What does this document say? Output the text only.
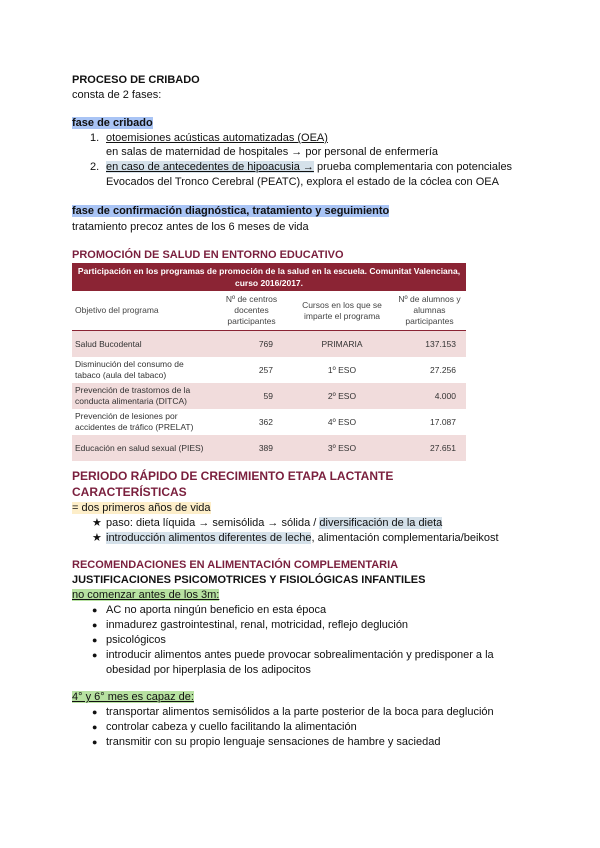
PROCESO DE CRIBADO
consta de 2 fases:
fase de cribado
1. otoemisiones acústicas automatizadas (OEA)
en salas de maternidad de hospitales → por personal de enfermería
2. en caso de antecedentes de hipoacusia → prueba complementaria con potenciales
Evocados del Tronco Cerebral (PEATC), explora el estado de la cóclea con OEA
fase de confirmación diagnóstica, tratamiento y seguimiento
tratamiento precoz antes de los 6 meses de vida
PROMOCIÓN DE SALUD EN ENTORNO EDUCATIVO
Participación en los programas de promoción de la salud en la escuela. Comunitat Valenciana, curso 2016/2017.
Objetivo del programa	Nº de centros docentes participantes	Cursos en los que se imparte el programa	Nº de alumnos y alumnas participantes
Salud Bucodental	769	PRIMARIA	137.153
Disminución del consumo de tabaco (aula del tabaco)	257	1º ESO	27.256
Prevención de trastornos de la conducta alimentaria (DITCA)	59	2º ESO	4.000
Prevención de lesiones por accidentes de tráfico (PRELAT)	362	4º ESO	17.087
Educación en salud sexual (PIES)	389	3º ESO	27.651
PERIODO RÁPIDO DE CRECIMIENTO ETAPA LACTANTE
CARACTERÍSTICAS
= dos primeros años de vida
★ paso: dieta líquida → semisólida → sólida / diversificación de la dieta
★ introducción alimentos diferentes de leche, alimentación complementaria/beikost
RECOMENDACIONES EN ALIMENTACIÓN COMPLEMENTARIA
JUSTIFICACIONES PSICOMOTRICES Y FISIOLÓGICAS INFANTILES
no comenzar antes de los 3m:
● AC no aporta ningún beneficio en esta época
● inmadurez gastrointestinal, renal, motricidad, reflejo deglución
● psicológicos
● introducir alimentos antes puede provocar sobrealimentación y predisponer a la
obesidad por hiperplasia de los adipocitos
4° y 6° mes es capaz de:
● transportar alimentos semisólidos a la parte posterior de la boca para deglución
● controlar cabeza y cuello facilitando la alimentación
● transmitir con su propio lenguaje sensaciones de hambre y saciedad
